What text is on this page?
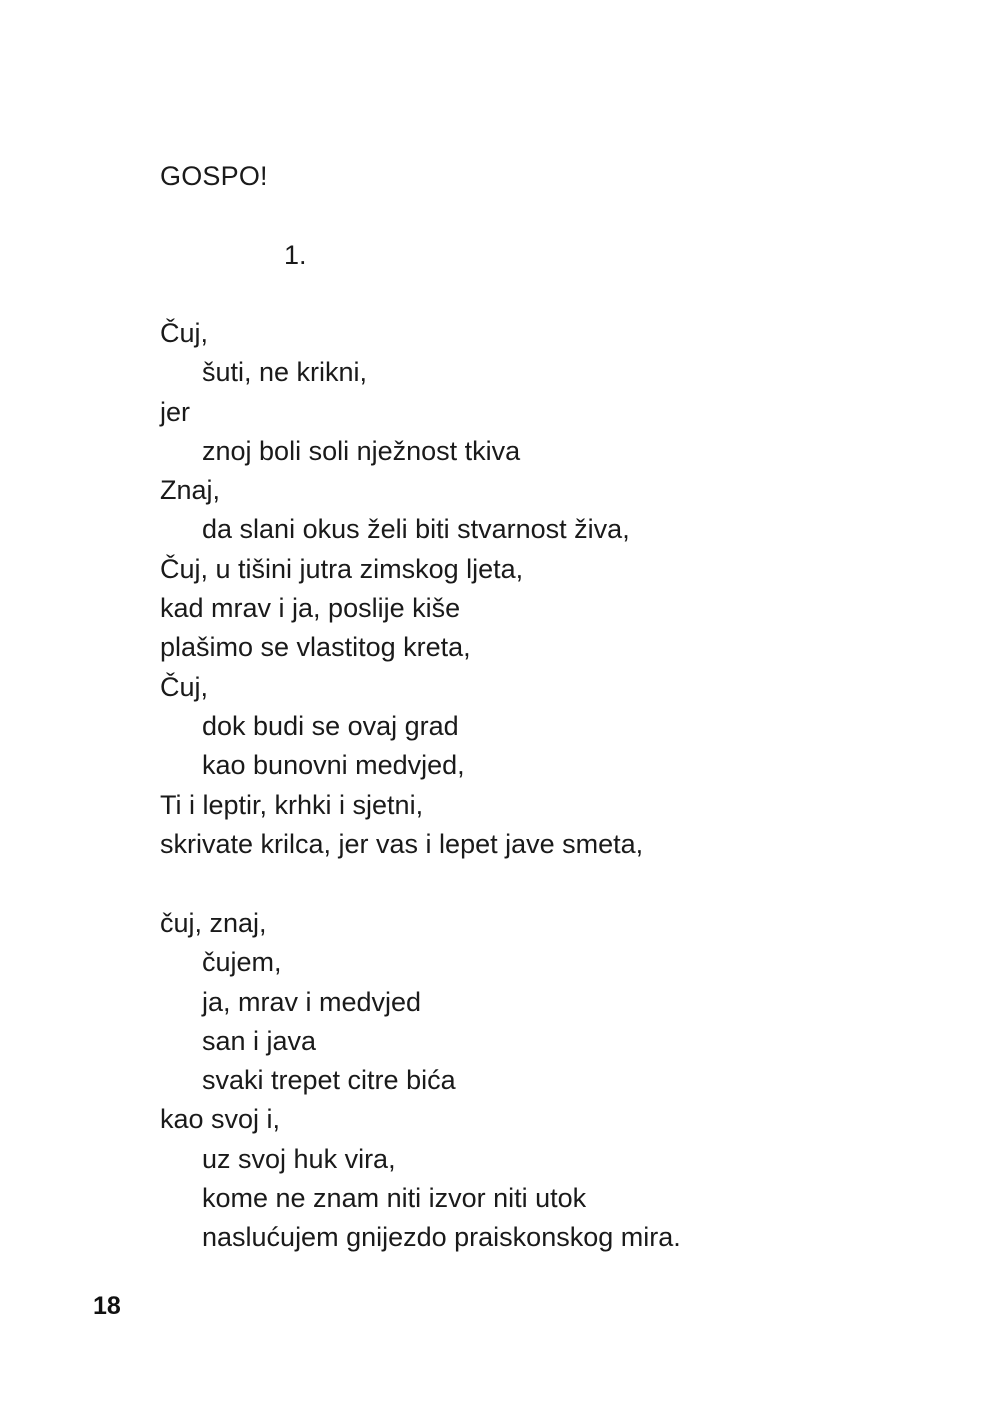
GOSPO!
1.
Čuj,
šuti, ne krikni,
jer
znoj boli soli nježnost tkiva
Znaj,
da slani okus želi biti stvarnost živa,
Čuj, u tišini jutra zimskog ljeta,
kad mrav i ja, poslije kiše
plašimo se vlastitog kreta,
Čuj,
dok budi se ovaj grad
kao bunovni medvjed,
Ti i leptir, krhki i sjetni,
skrivate krilca, jer vas i lepet jave smeta,
čuj, znaj,
čujem,
ja, mrav i medvjed
san i java
svaki trepet citre bića
kao svoj i,
uz svoj huk vira,
kome ne znam niti izvor niti utok
naslućujem gnijezdo praiskonskog mira.
18
